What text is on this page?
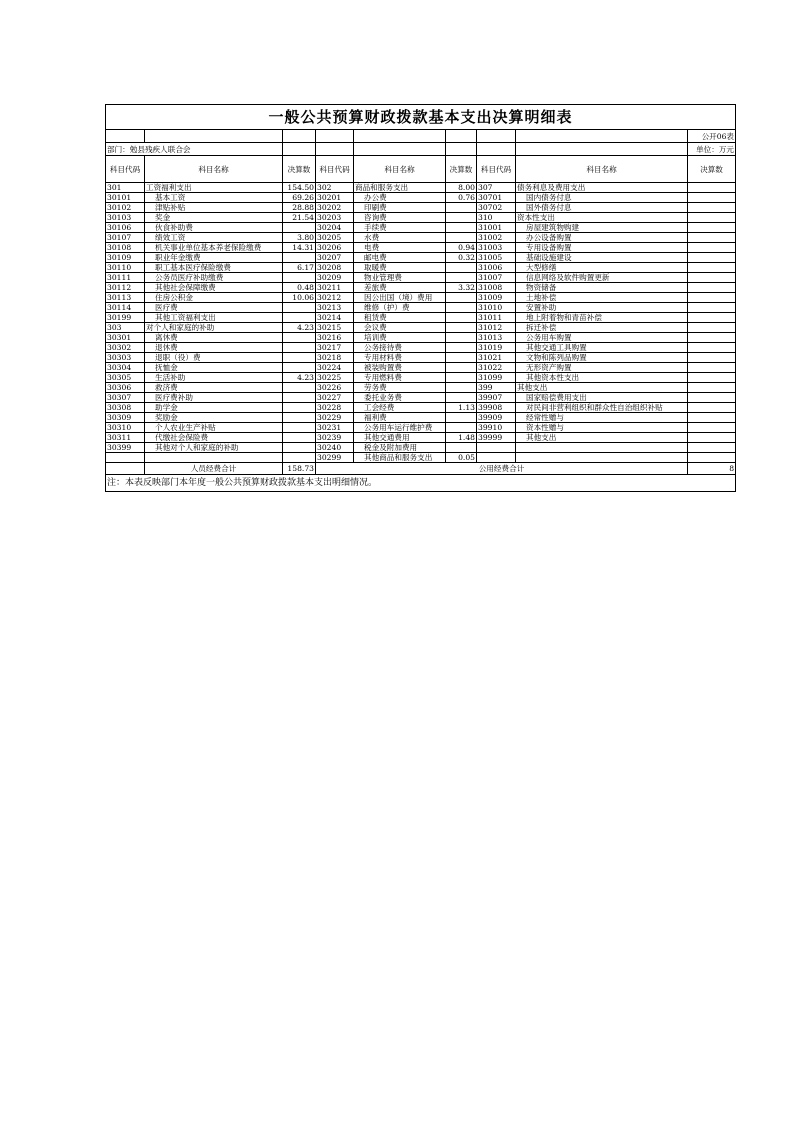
一般公共预算财政拨款基本支出决算明细表								
								公开06表
部门：勉县残疾人联合会								单位：万元
科目代码	科目名称	决算数	科目代码	科目名称	决算数	科目代码	科目名称	决算数
301	工资福利支出	154.50	302	商品和服务支出	8.00	307	债务利息及费用支出	
30101	基本工资	69.26	30201	办公费	0.76	30701	国内债务付息	
30102	津贴补贴	28.88	30202	印刷费		30702	国外债务付息	
30103	奖金	21.54	30203	咨询费		310	资本性支出	
30106	伙食补助费		30204	手续费		31001	房屋建筑物购建	
30107	绩效工资	3.80	30205	水费		31002	办公设备购置	
30108	机关事业单位基本养老保险缴费	14.31	30206	电费	0.94	31003	专用设备购置	
30109	职业年金缴费		30207	邮电费	0.32	31005	基础设施建设	
30110	职工基本医疗保险缴费	6.17	30208	取暖费		31006	大型修缮	
30111	公务员医疗补助缴费		30209	物业管理费		31007	信息网络及软件购置更新	
30112	其他社会保障缴费	0.48	30211	差旅费	3.32	31008	物资储备	
30113	住房公积金	10.06	30212	因公出国（境）费用		31009	土地补偿	
30114	医疗费		30213	维修（护）费		31010	安置补助	
30199	其他工资福利支出		30214	租赁费		31011	地上附着物和青苗补偿	
303	对个人和家庭的补助	4.23	30215	会议费		31012	拆迁补偿	
30301	离休费		30216	培训费		31013	公务用车购置	
30302	退休费		30217	公务接待费		31019	其他交通工具购置	
30303	退职（役）费		30218	专用材料费		31021	文物和陈列品购置	
30304	抚恤金		30224	被装购置费		31022	无形资产购置	
30305	生活补助	4.23	30225	专用燃料费		31099	其他资本性支出	
30306	救济费		30226	劳务费		399	其他支出	
30307	医疗费补助		30227	委托业务费		39907	国家赔偿费用支出	
30308	助学金		30228	工会经费	1.13	39908	对民间非营利组织和群众性自治组织补贴	
30309	奖励金		30229	福利费		39909	经常性赠与	
30310	个人农业生产补贴		30231	公务用车运行维护费		39910	资本性赠与	
30311	代缴社会保险费		30239	其他交通费用	1.48	39999	其他支出	
30399	其他对个人和家庭的补助		30240	税金及附加费用				
			30299	其他商品和服务支出	0.05			
	人员经费合计	158.73	公用经费合计					8
注：本表反映部门本年度一般公共预算财政拨款基本支出明细情况。								
